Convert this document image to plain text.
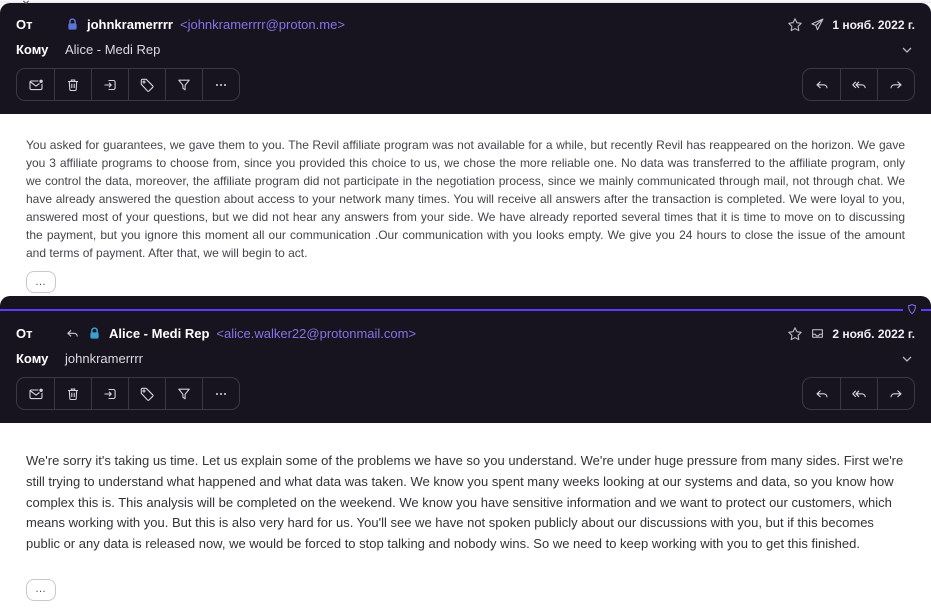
От	johnkramerrrr <johnkramerrrr@proton.me>	1 нояб. 2022 г.
Кому	Alice - Medi Rep

You asked for guarantees, we gave them to you. The Revil affiliate program was not available for a while, but recently Revil has reappeared on the horizon. We gave you 3 affiliate programs to choose from, since you provided this choice to us, we chose the more reliable one. No data was transferred to the affiliate program, only we control the data, moreover, the affiliate program did not participate in the negotiation process, since we mainly communicated through mail, not through chat. We have already answered the question about access to your network many times. You will receive all answers after the transaction is completed. We were loyal to you, answered most of your questions, but we did not hear any answers from your side. We have already reported several times that it is time to move on to discussing the payment, but you ignore this moment all our communication .Our communication with you looks empty. We give you 24 hours to close the issue of the amount and terms of payment. After that, we will begin to act.

…
От	Alice - Medi Rep <alice.walker22@protonmail.com>	2 нояб. 2022 г.
Кому	johnkramerrrr

We're sorry it's taking us time. Let us explain some of the problems we have so you understand. We're under huge pressure from many sides. First we're still trying to understand what happened and what data was taken. We know you spent many weeks looking at our systems and data, so you know how complex this is. This analysis will be completed on the weekend. We know you have sensitive information and we want to protect our customers, which means working with you. But this is also very hard for us. You'll see we have not spoken publicly about our discussions with you, but if this becomes public or any data is released now, we would be forced to stop talking and nobody wins. So we need to keep working with you to get this finished.

…
